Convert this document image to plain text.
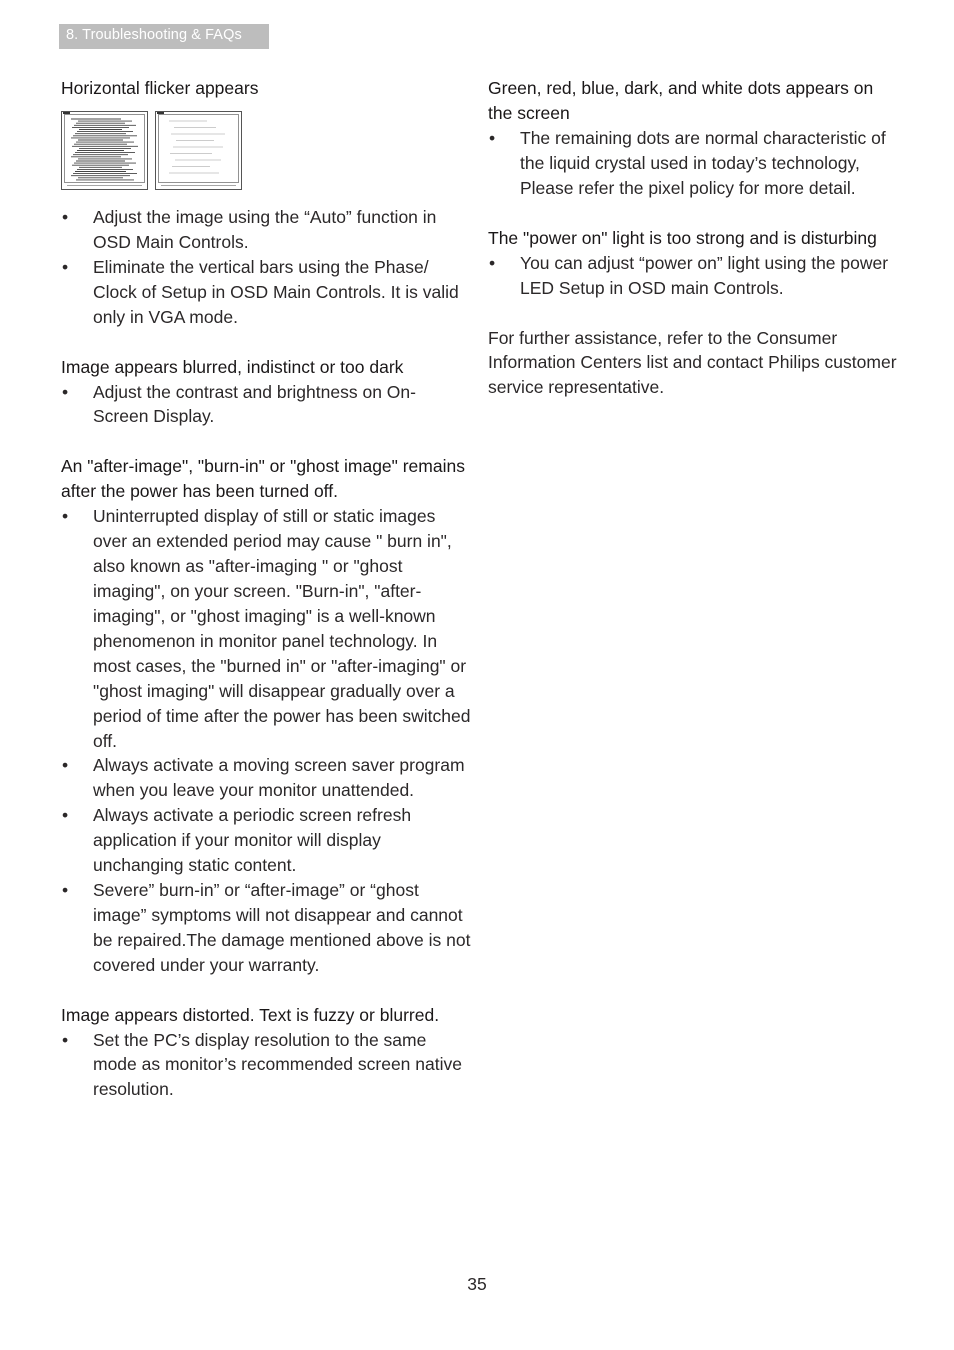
8. Troubleshooting & FAQs
Horizontal flicker appears
• Adjust the image using the “Auto” function in OSD Main Controls.
• Eliminate the vertical bars using the Phase/ Clock of Setup in OSD Main Controls. It is valid only in VGA mode.
Image appears blurred, indistinct or too dark
• Adjust the contrast and brightness on On-Screen Display.
An "after-image", "burn-in" or "ghost image" remains after the power has been turned off.
• Uninterrupted display of still or static images over an extended period may cause " burn in", also known as "after-imaging " or "ghost imaging", on your screen. "Burn-in", "after-imaging", or "ghost imaging" is a well-known phenomenon in monitor panel technology. In most cases, the "burned in" or "after-imaging" or "ghost imaging" will disappear gradually over a period of time after the power has been switched off.
• Always activate a moving screen saver program when you leave your monitor unattended.
• Always activate a periodic screen refresh application if your monitor will display unchanging static content.
• Severe” burn-in” or “after-image” or “ghost image” symptoms will not disappear and cannot be repaired.The damage mentioned above is not covered under your warranty.
Image appears distorted. Text is fuzzy or blurred.
• Set the PC’s display resolution to the same mode as monitor’s recommended screen native resolution.
Green, red, blue, dark, and white dots appears on the screen
• The remaining dots are normal characteristic of the liquid crystal used in today’s technology, Please refer the pixel policy for more detail.
The "power on" light is too strong and is disturbing
• You can adjust “power on” light using the power LED Setup in OSD main Controls.

For further assistance, refer to the Consumer Information Centers list and contact Philips customer service representative.

35
